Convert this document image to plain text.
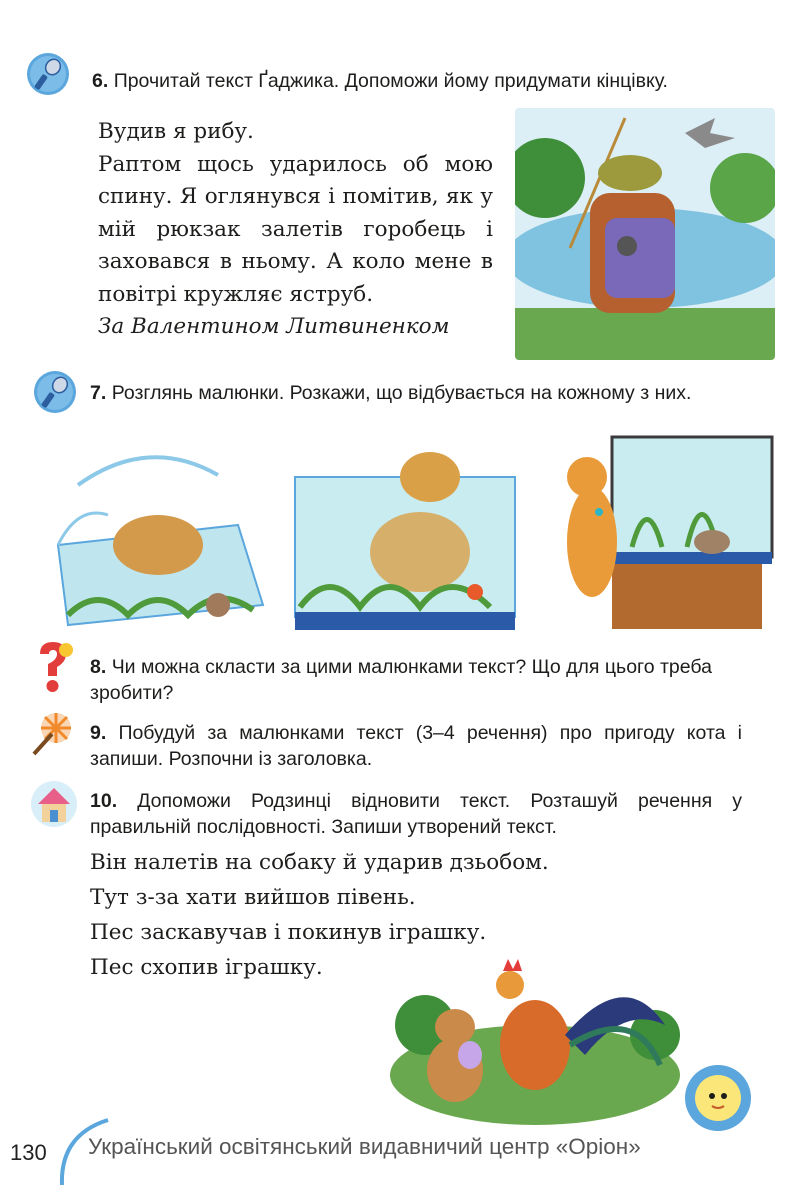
6. Прочитай текст Ґаджика. Допоможи йому придумати кінцівку.

Вудив я рибу.

Раптом щось ударилось об мою спину. Я оглянувся і помітив, як у мій рюкзак залетів горобець і заховався в ньому. А коло мене в повітрі кружляє яструб.

За Валентином Литвиненком

7. Розглянь малюнки. Розкажи, що відбувається на кожному з них.
8. Чи можна скласти за цими малюнками текст? Що для цього треба зробити?
9. Побудуй за малюнками текст (3–4 речення) про пригоду кота і запиши. Розпочни із заголовка.
10. Допоможи Родзинці відновити текст. Розташуй речення у правильній послідовності. Запиши утворений текст.
Він налетів на собаку й ударив дзьобом.
Тут з-за хати вийшов півень.
Пес заскавучав і покинув іграшку.
Пес схопив іграшку.
130 Український освітянський видавничий центр «Оріон»
